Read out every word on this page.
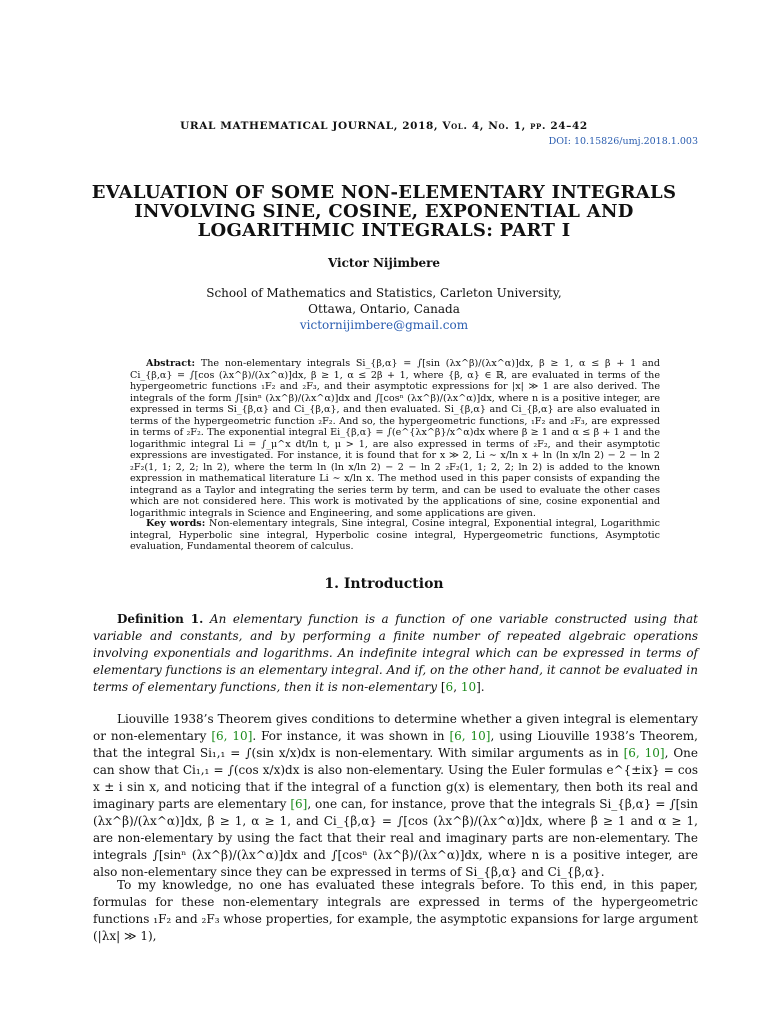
URAL MATHEMATICAL JOURNAL, 2018, Vol. 4, No. 1, pp. 24–42
DOI: 10.15826/umj.2018.1.003
EVALUATION OF SOME NON-ELEMENTARY INTEGRALS INVOLVING SINE, COSINE, EXPONENTIAL AND LOGARITHMIC INTEGRALS: PART I
Victor Nijimbere
School of Mathematics and Statistics, Carleton University,
Ottawa, Ontario, Canada
victornijimbere@gmail.com
Abstract: The non-elementary integrals Si_{β,α} = ∫[sin (λx^β)/(λx^α)]dx, β ≥ 1, α ≤ β + 1 and Ci_{β,α} = ∫[cos (λx^β)/(λx^α)]dx, β ≥ 1, α ≤ 2β + 1, where {β, α} ∈ ℝ, are evaluated in terms of the hypergeometric functions ₁F₂ and ₂F₃, and their asymptotic expressions for |x| ≫ 1 are also derived. The integrals of the form ∫[sinⁿ (λx^β)/(λx^α)]dx and ∫[cosⁿ (λx^β)/(λx^α)]dx, where n is a positive integer, are expressed in terms Si_{β,α} and Ci_{β,α}, and then evaluated. Si_{β,α} and Ci_{β,α} are also evaluated in terms of the hypergeometric function ₂F₂. And so, the hypergeometric functions, ₁F₂ and ₂F₃, are expressed in terms of ₂F₂. The exponential integral Ei_{β,α} = ∫(e^{λx^β}/x^α)dx where β ≥ 1 and α ≤ β + 1 and the logarithmic integral Li = ∫_μ^x dt/ln t, μ > 1, are also expressed in terms of ₂F₂, and their asymptotic expressions are investigated. For instance, it is found that for x ≫ 2, Li ∼ x/ln x + ln (ln x/ln 2) − 2 − ln 2 ₂F₂(1, 1; 2, 2; ln 2), where the term ln (ln x/ln 2) − 2 − ln 2 ₂F₂(1, 1; 2, 2; ln 2) is added to the known expression in mathematical literature Li ∼ x/ln x. The method used in this paper consists of expanding the integrand as a Taylor and integrating the series term by term, and can be used to evaluate the other cases which are not considered here. This work is motivated by the applications of sine, cosine exponential and logarithmic integrals in Science and Engineering, and some applications are given.
Key words: Non-elementary integrals, Sine integral, Cosine integral, Exponential integral, Logarithmic integral, Hyperbolic sine integral, Hyperbolic cosine integral, Hypergeometric functions, Asymptotic evaluation, Fundamental theorem of calculus.
1. Introduction
Definition 1. An elementary function is a function of one variable constructed using that variable and constants, and by performing a finite number of repeated algebraic operations involving exponentials and logarithms. An indefinite integral which can be expressed in terms of elementary functions is an elementary integral. And if, on the other hand, it cannot be evaluated in terms of elementary functions, then it is non-elementary [6, 10].
Liouville 1938’s Theorem gives conditions to determine whether a given integral is elementary or non-elementary [6, 10]. For instance, it was shown in [6, 10], using Liouville 1938’s Theorem, that the integral Si₁,₁ = ∫(sin x/x)dx is non-elementary. With similar arguments as in [6, 10], One can show that Ci₁,₁ = ∫(cos x/x)dx is also non-elementary. Using the Euler formulas e^{±ix} = cos x ± i sin x, and noticing that if the integral of a function g(x) is elementary, then both its real and imaginary parts are elementary [6], one can, for instance, prove that the integrals Si_{β,α} = ∫[sin (λx^β)/(λx^α)]dx, β ≥ 1, α ≥ 1, and Ci_{β,α} = ∫[cos (λx^β)/(λx^α)]dx, where β ≥ 1 and α ≥ 1, are non-elementary by using the fact that their real and imaginary parts are non-elementary. The integrals ∫[sinⁿ (λx^β)/(λx^α)]dx and ∫[cosⁿ (λx^β)/(λx^α)]dx, where n is a positive integer, are also non-elementary since they can be expressed in terms of Si_{β,α} and Ci_{β,α}.
To my knowledge, no one has evaluated these integrals before. To this end, in this paper, formulas for these non-elementary integrals are expressed in terms of the hypergeometric functions ₁F₂ and ₂F₃ whose properties, for example, the asymptotic expansions for large argument (|λx| ≫ 1),
